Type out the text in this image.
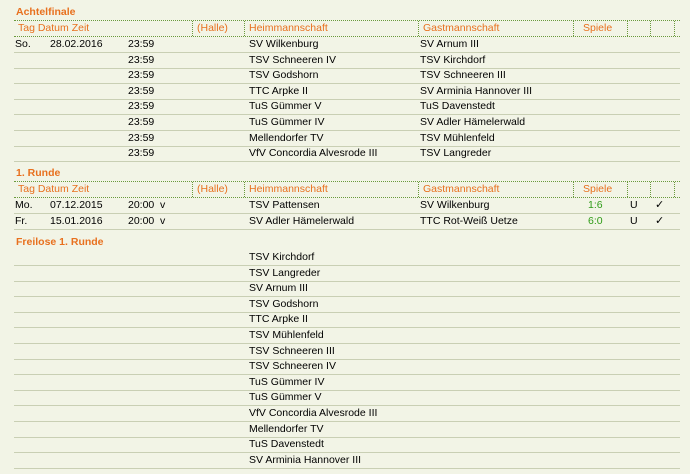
Achtelfinale
Tag Datum Zeit	(Halle) Heimmannschaft	Gastmannschaft	Spiele
So. 28.02.2016 23:59	SV Wilkenburg	SV Arnum III
23:59	TSV Schneeren IV	TSV Kirchdorf
23:59	TSV Godshorn	TSV Schneeren III
23:59	TTC Arpke II	SV Arminia Hannover III
23:59	TuS Gümmer V	TuS Davenstedt
23:59	TuS Gümmer IV	SV Adler Hämelerwald
23:59	Mellendorfer TV	TSV Mühlenfeld
23:59	VfV Concordia Alvesrode III	TSV Langreder
1. Runde
Tag Datum Zeit	(Halle) Heimmannschaft	Gastmannschaft	Spiele
Mo. 07.12.2015 20:00 v	TSV Pattensen	SV Wilkenburg	1:6	U ✓
Fr. 15.01.2016 20:00 v	SV Adler Hämelerwald	TTC Rot-Weiß Uetze	6:0	U ✓
Freilose 1. Runde
TSV Kirchdorf
TSV Langreder
SV Arnum III
TSV Godshorn
TTC Arpke II
TSV Mühlenfeld
TSV Schneeren III
TSV Schneeren IV
TuS Gümmer IV
TuS Gümmer V
VfV Concordia Alvesrode III
Mellendorfer TV
TuS Davenstedt
SV Arminia Hannover III
